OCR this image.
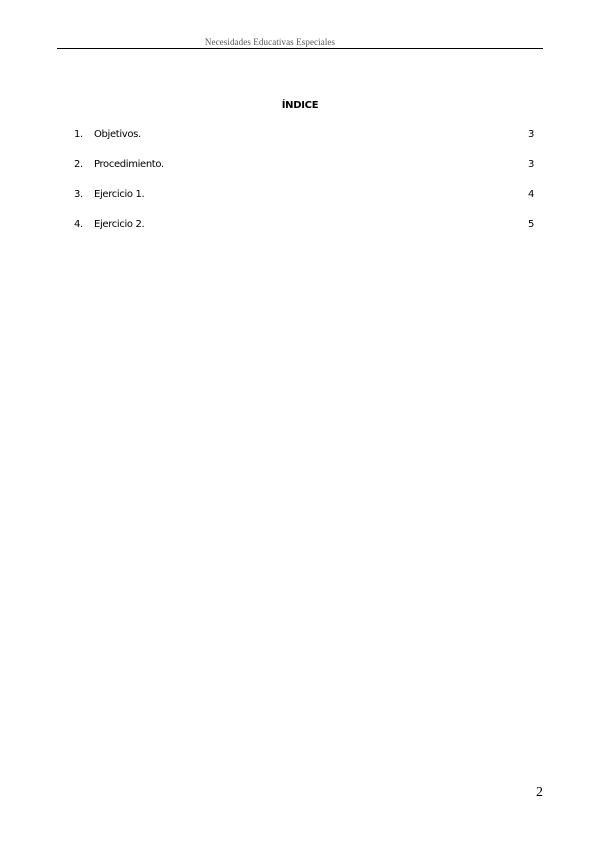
Necesidades Educativas Especiales
ÍNDICE
1. Objetivos.	3
2. Procedimiento.	3
3. Ejercicio 1.	4
4. Ejercicio 2.	5
2
